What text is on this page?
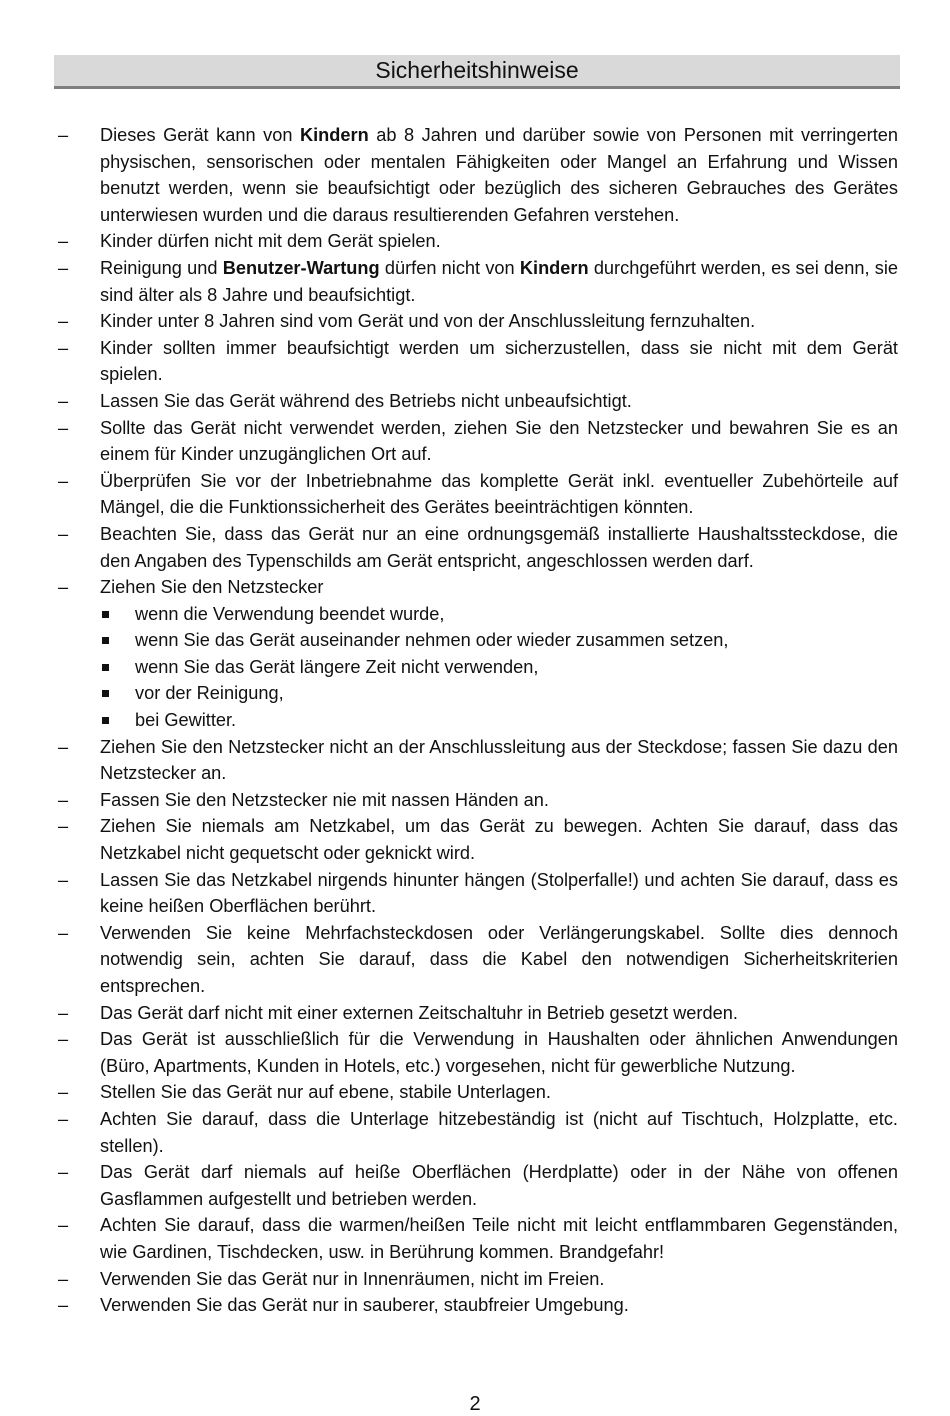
Sicherheitshinweise
–	Dieses Gerät kann von Kindern ab 8 Jahren und darüber sowie von Personen mit verringerten physischen, sensorischen oder mentalen Fähigkeiten oder Mangel an Erfahrung und Wissen benutzt werden, wenn sie beaufsichtigt oder bezüglich des sicheren Gebrauches des Gerätes unterwiesen wurden und die daraus resultierenden Gefahren verstehen.
–	Kinder dürfen nicht mit dem Gerät spielen.
–	Reinigung und Benutzer-Wartung dürfen nicht von Kindern durchgeführt werden, es sei denn, sie sind älter als 8 Jahre und beaufsichtigt.
–	Kinder unter 8 Jahren sind vom Gerät und von der Anschlussleitung fernzuhalten.
–	Kinder sollten immer beaufsichtigt werden um sicherzustellen, dass sie nicht mit dem Gerät spielen.
–	Lassen Sie das Gerät während des Betriebs nicht unbeaufsichtigt.
–	Sollte das Gerät nicht verwendet werden, ziehen Sie den Netzstecker und bewahren Sie es an einem für Kinder unzugänglichen Ort auf.
–	Überprüfen Sie vor der Inbetriebnahme das komplette Gerät inkl. eventueller Zubehörteile auf Mängel, die die Funktionssicherheit des Gerätes beeinträchtigen könnten.
–	Beachten Sie, dass das Gerät nur an eine ordnungsgemäß installierte Haushaltssteckdose, die den Angaben des Typenschilds am Gerät entspricht, angeschlossen werden darf.
–	Ziehen Sie den Netzstecker
wenn die Verwendung beendet wurde,
wenn Sie das Gerät auseinander nehmen oder wieder zusammen setzen,
wenn Sie das Gerät längere Zeit nicht verwenden,
vor der Reinigung,
bei Gewitter.
–	Ziehen Sie den Netzstecker nicht an der Anschlussleitung aus der Steckdose; fassen Sie dazu den Netzstecker an.
–	Fassen Sie den Netzstecker nie mit nassen Händen an.
–	Ziehen Sie niemals am Netzkabel, um das Gerät zu bewegen. Achten Sie darauf, dass das Netzkabel nicht gequetscht oder geknickt wird.
–	Lassen Sie das Netzkabel nirgends hinunter hängen (Stolperfalle!) und achten Sie darauf, dass es keine heißen Oberflächen berührt.
–	Verwenden Sie keine Mehrfachsteckdosen oder Verlängerungskabel. Sollte dies dennoch notwendig sein, achten Sie darauf, dass die Kabel den notwendigen Sicherheitskriterien entsprechen.
–	Das Gerät darf nicht mit einer externen Zeitschaltuhr in Betrieb gesetzt werden.
–	Das Gerät ist ausschließlich für die Verwendung in Haushalten oder ähnlichen Anwendungen (Büro, Apartments, Kunden in Hotels, etc.) vorgesehen, nicht für gewerbliche Nutzung.
–	Stellen Sie das Gerät nur auf ebene, stabile Unterlagen.
–	Achten Sie darauf, dass die Unterlage hitzebeständig ist (nicht auf Tischtuch, Holzplatte, etc. stellen).
–	Das Gerät darf niemals auf heiße Oberflächen (Herdplatte) oder in der Nähe von offenen Gasflammen aufgestellt und betrieben werden.
–	Achten Sie darauf, dass die warmen/heißen Teile nicht mit leicht entflammbaren Gegenständen, wie Gardinen, Tischdecken, usw. in Berührung kommen. Brandgefahr!
–	Verwenden Sie das Gerät nur in Innenräumen, nicht im Freien.
–	Verwenden Sie das Gerät nur in sauberer, staubfreier Umgebung.
2
